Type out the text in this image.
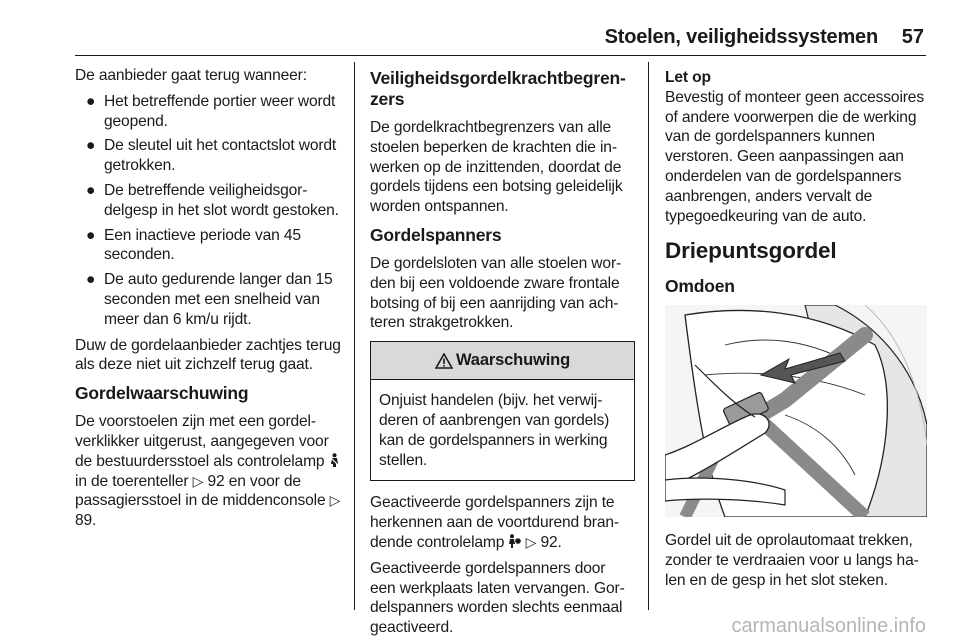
Stoelen, veiligheidssystemen 57

De aanbieder gaat terug wanneer:

● Het betreffende portier weer wordt geopend.
● De sleutel uit het contactslot wordt getrokken.
● De betreffende veiligheidsgordelgesp in het slot wordt gestoken.
● Een inactieve periode van 45 seconden.
● De auto gedurende langer dan 15 seconden met een snelheid van meer dan 6 km/u rijdt.

Duw de gordelaanbieder zachtjes terug als deze niet uit zichzelf terug gaat.

Gordelwaarschuwing

De voorstoelen zijn met een gordelverklikker uitgerust, aangegeven voor de bestuurdersstoel als controlelamp  in de toerenteller ▷ 92 en voor de passagiersstoel in de middenconsole ▷ 89.

Veiligheidsgordelkrachtbegrenzers

De gordelkrachtbegrenzers van alle stoelen beperken de krachten die inwerken op de inzittenden, doordat de gordels tijdens een botsing geleidelijk worden ontspannen.

Gordelspanners

De gordelsloten van alle stoelen worden bij een voldoende zware frontale botsing of bij een aanrijding van achteren strakgetrokken.

Waarschuwing
Onjuist handelen (bijv. het verwijderen of aanbrengen van gordels) kan de gordelspanners in werking stellen.

Geactiveerde gordelspanners zijn te herkennen aan de voortdurend brandende controlelamp ▷ 92.

Geactiveerde gordelspanners door een werkplaats laten vervangen. Gordelspanners worden slechts eenmaal geactiveerd.

Let op

Bevestig of monteer geen accessoires of andere voorwerpen die de werking van de gordelspanners kunnen verstoren. Geen aanpassingen aan onderdelen van de gordelspanners aanbrengen, anders vervalt de typegoedkeuring van de auto.

Driepuntsgordel
Omdoen

Gordel uit de oprolautomaat trekken, zonder te verdraaien voor u langs halen en de gesp in het slot steken.

carmanualsonline.info
